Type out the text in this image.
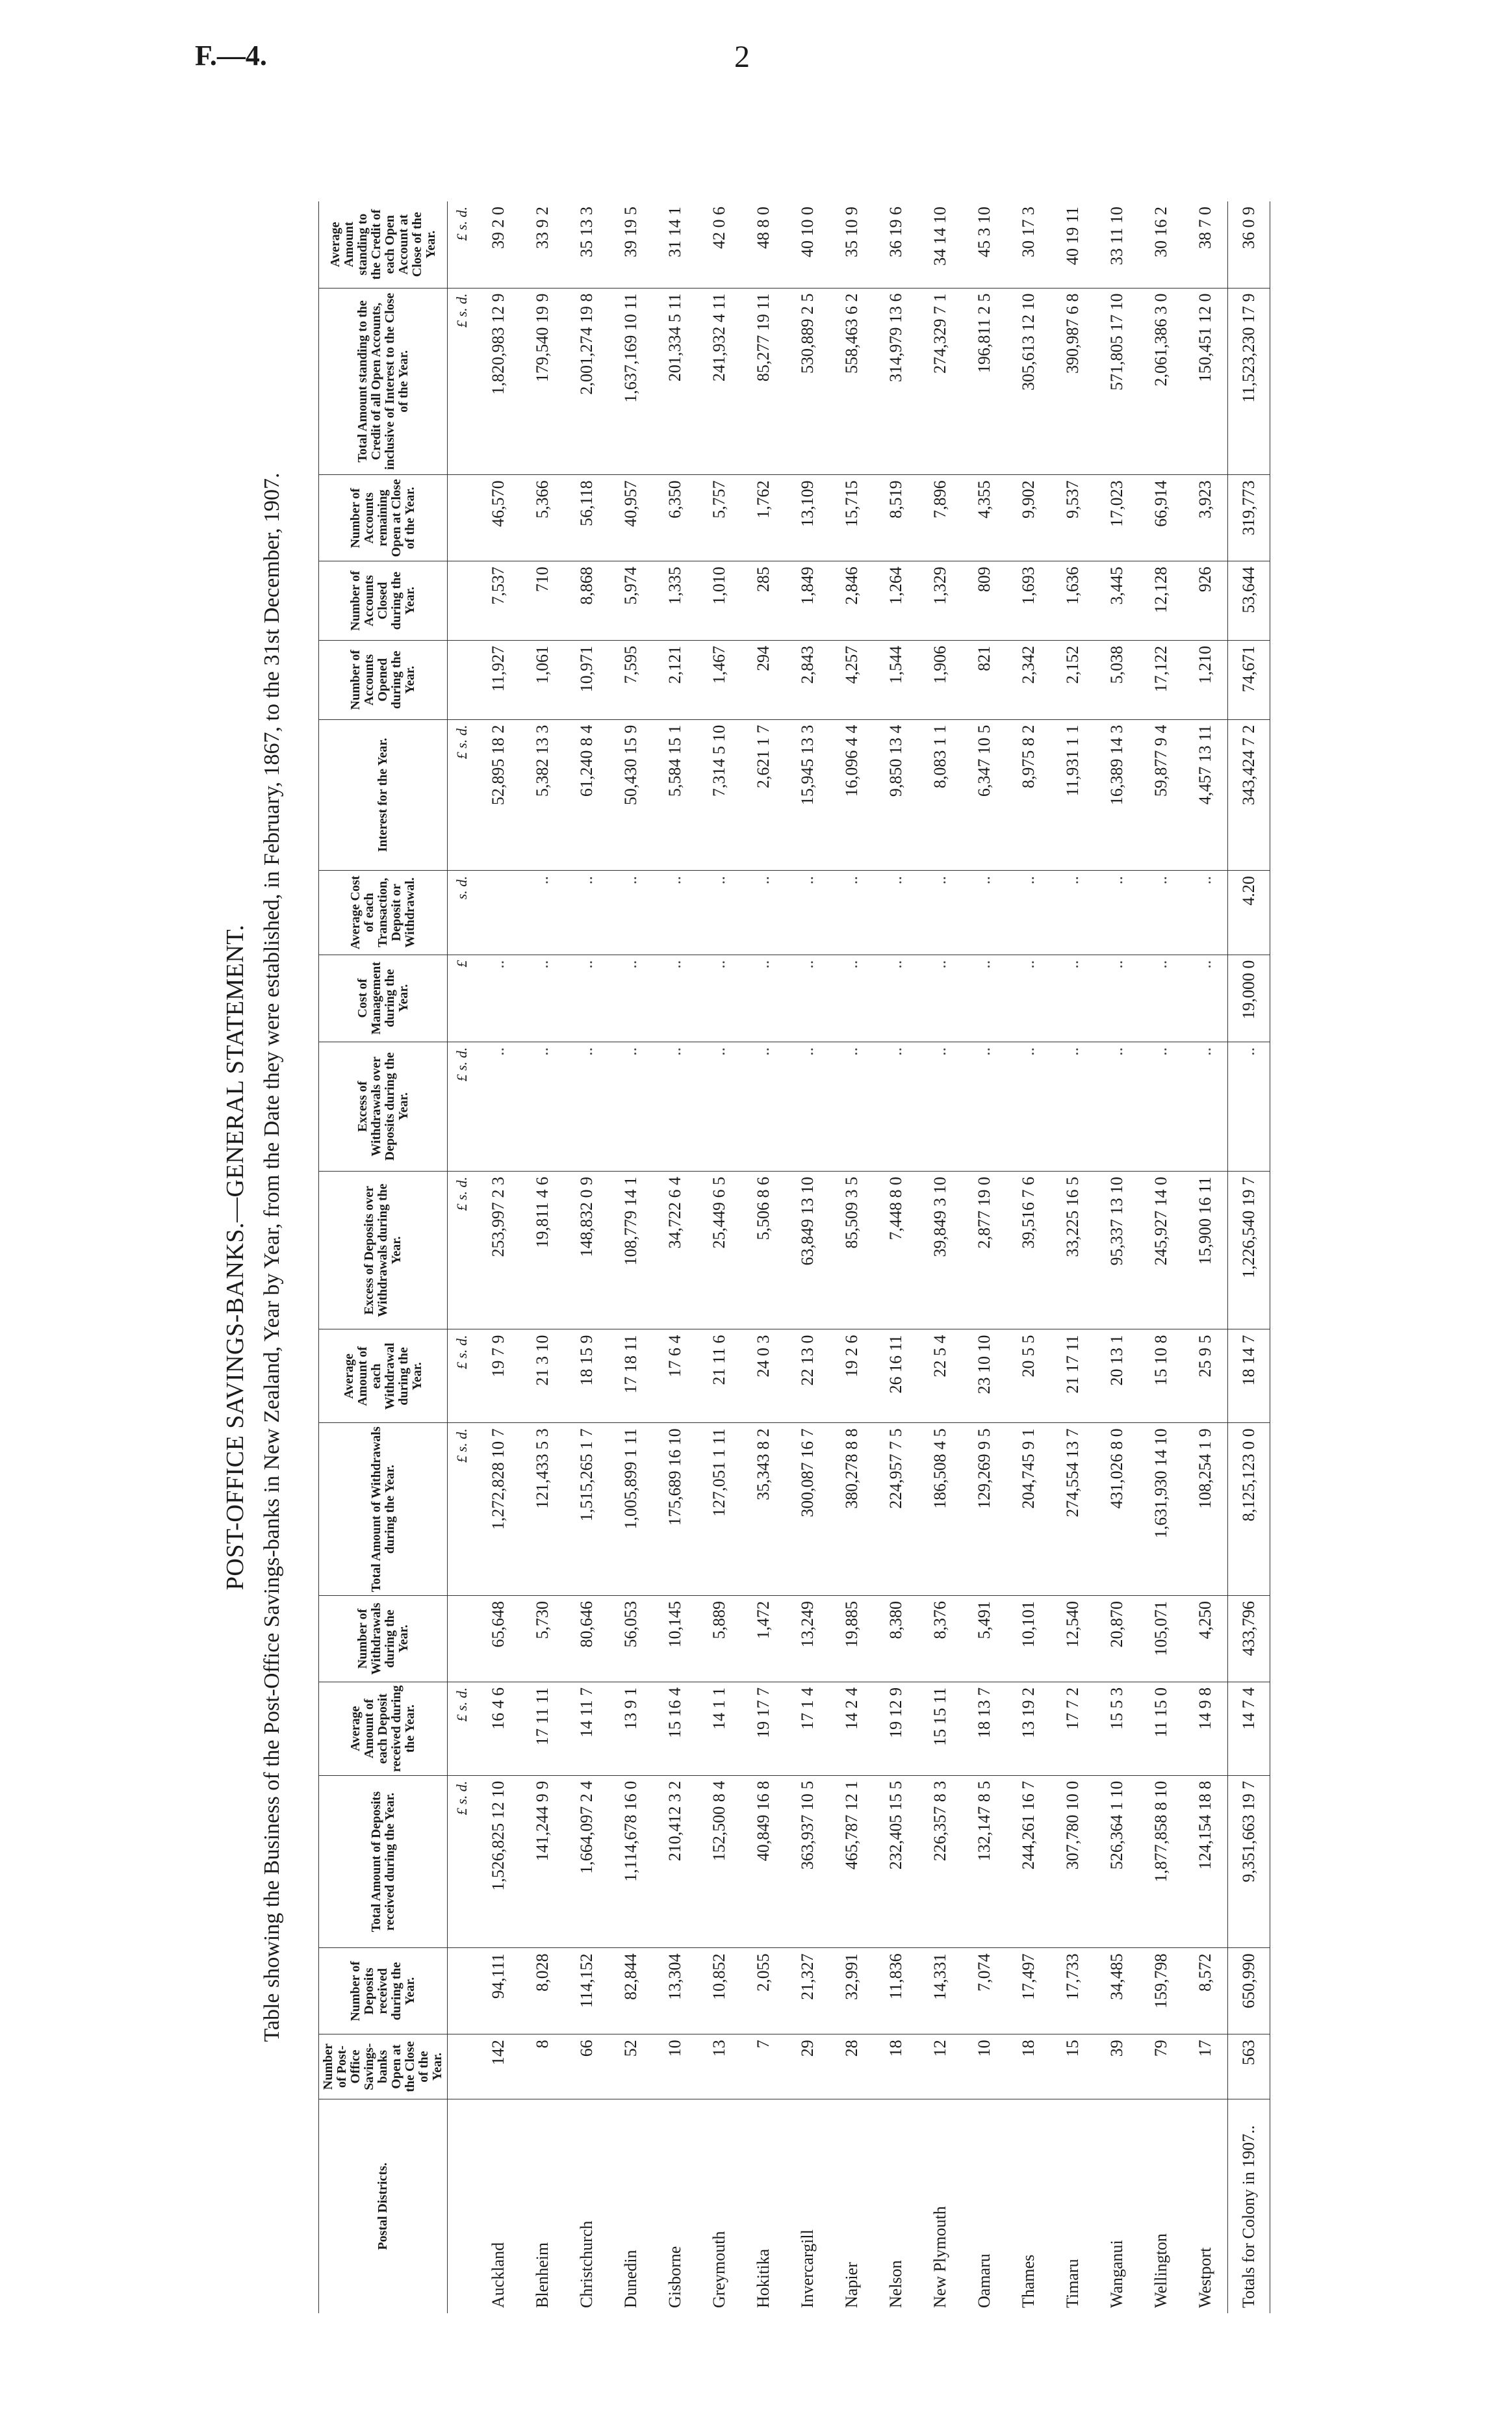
F.—4.	2
POST-OFFICE SAVINGS-BANKS.—GENERAL STATEMENT. Table showing the Business of the Post-Office Savings-banks in New Zealand, Year by Year, from the Date they were established, in February, 1867, to the 31st December, 1907.
Postal Districts.	Number of Post-Office Savings-banks Open at the Close of the Year.	Number of Deposits received during the Year.	Total Amount of Deposits received during the Year.	Average Amount of each Deposit received during the Year.	Number of Withdrawals during the Year.	Total Amount of Withdrawals during the Year.	Average Amount of each Withdrawal during the Year.	Excess of Deposits over Withdrawals during the Year.	Excess of Withdrawals over Deposits during the Year.	Cost of Management during the Year.	Average Cost of each Transaction, Deposit or Withdrawal.	Interest for the Year.	Number of Accounts Opened during the Year.	Number of Accounts Closed during the Year.	Number of Accounts remaining Open at Close of the Year.	Total Amount standing to the Credit of all Open Accounts, inclusive of Interest to the Close of the Year.	Average Amount standing to the Credit of each Open Account at Close of the Year.
			£ s. d.	£ s. d.		£ s. d.	£ s. d.	£ s. d.	£ s. d.	£	s. d.	£ s. d.				£ s. d.	£ s. d.
Auckland	142	94,111	1,526,825 12 10	16 4 6	65,648	1,272,828 10 7	19 7 9	253,997 2 3	..	..		52,895 18 2	11,927	7,537	46,570	1,820,983 12 9	39 2 0
Blenheim	8	8,028	141,244 9 9	17 11 11	5,730	121,433 5 3	21 3 10	19,811 4 6	..	..	..	5,382 13 3	1,061	710	5,366	179,540 19 9	33 9 2
Christchurch	66	114,152	1,664,097 2 4	14 11 7	80,646	1,515,265 1 7	18 15 9	148,832 0 9	..	..	..	61,240 8 4	10,971	8,868	56,118	2,001,274 19 8	35 13 3
Dunedin	52	82,844	1,114,678 16 0	13 9 1	56,053	1,005,899 1 11	17 18 11	108,779 14 1	..	..	..	50,430 15 9	7,595	5,974	40,957	1,637,169 10 11	39 19 5
Gisborne	10	13,304	210,412 3 2	15 16 4	10,145	175,689 16 10	17 6 4	34,722 6 4	..	..	..	5,584 15 1	2,121	1,335	6,350	201,334 5 11	31 14 1
Greymouth	13	10,852	152,500 8 4	14 1 1	5,889	127,051 1 11	21 11 6	25,449 6 5	..	..	..	7,314 5 10	1,467	1,010	5,757	241,932 4 11	42 0 6
Hokitika	7	2,055	40,849 16 8	19 17 7	1,472	35,343 8 2	24 0 3	5,506 8 6	..	..	..	2,621 1 7	294	285	1,762	85,277 19 11	48 8 0
Invercargill	29	21,327	363,937 10 5	17 1 4	13,249	300,087 16 7	22 13 0	63,849 13 10	..	..	..	15,945 13 3	2,843	1,849	13,109	530,889 2 5	40 10 0
Napier	28	32,991	465,787 12 1	14 2 4	19,885	380,278 8 8	19 2 6	85,509 3 5	..	..	..	16,096 4 4	4,257	2,846	15,715	558,463 6 2	35 10 9
Nelson	18	11,836	232,405 15 5	19 12 9	8,380	224,957 7 5	26 16 11	7,448 8 0	..	..	..	9,850 13 4	1,544	1,264	8,519	314,979 13 6	36 19 6
New Plymouth	12	14,331	226,357 8 3	15 15 11	8,376	186,508 4 5	22 5 4	39,849 3 10	..	..	..	8,083 1 1	1,906	1,329	7,896	274,329 7 1	34 14 10
Oamaru	10	7,074	132,147 8 5	18 13 7	5,491	129,269 9 5	23 10 10	2,877 19 0	..	..	..	6,347 10 5	821	809	4,355	196,811 2 5	45 3 10
Thames	18	17,497	244,261 16 7	13 19 2	10,101	204,745 9 1	20 5 5	39,516 7 6	..	..	..	8,975 8 2	2,342	1,693	9,902	305,613 12 10	30 17 3
Timaru	15	17,733	307,780 10 0	17 7 2	12,540	274,554 13 7	21 17 11	33,225 16 5	..	..	..	11,931 1 1	2,152	1,636	9,537	390,987 6 8	40 19 11
Wanganui	39	34,485	526,364 1 10	15 5 3	20,870	431,026 8 0	20 13 1	95,337 13 10	..	..	..	16,389 14 3	5,038	3,445	17,023	571,805 17 10	33 11 10
Wellington	79	159,798	1,877,858 8 10	11 15 0	105,071	1,631,930 14 10	15 10 8	245,927 14 0	..	..	..	59,877 9 4	17,122	12,128	66,914	2,061,386 3 0	30 16 2
Westport	17	8,572	124,154 18 8	14 9 8	4,250	108,254 1 9	25 9 5	15,900 16 11	..	..	..	4,457 13 11	1,210	926	3,923	150,451 12 0	38 7 0
Totals for Colony in 1907..	563	650,990	9,351,663 19 7	14 7 4	433,796	8,125,123 0 0	18 14 7	1,226,540 19 7	..	19,000 0	4.20	343,424 7 2	74,671	53,644	319,773	11,523,230 17 9	36 0 9
